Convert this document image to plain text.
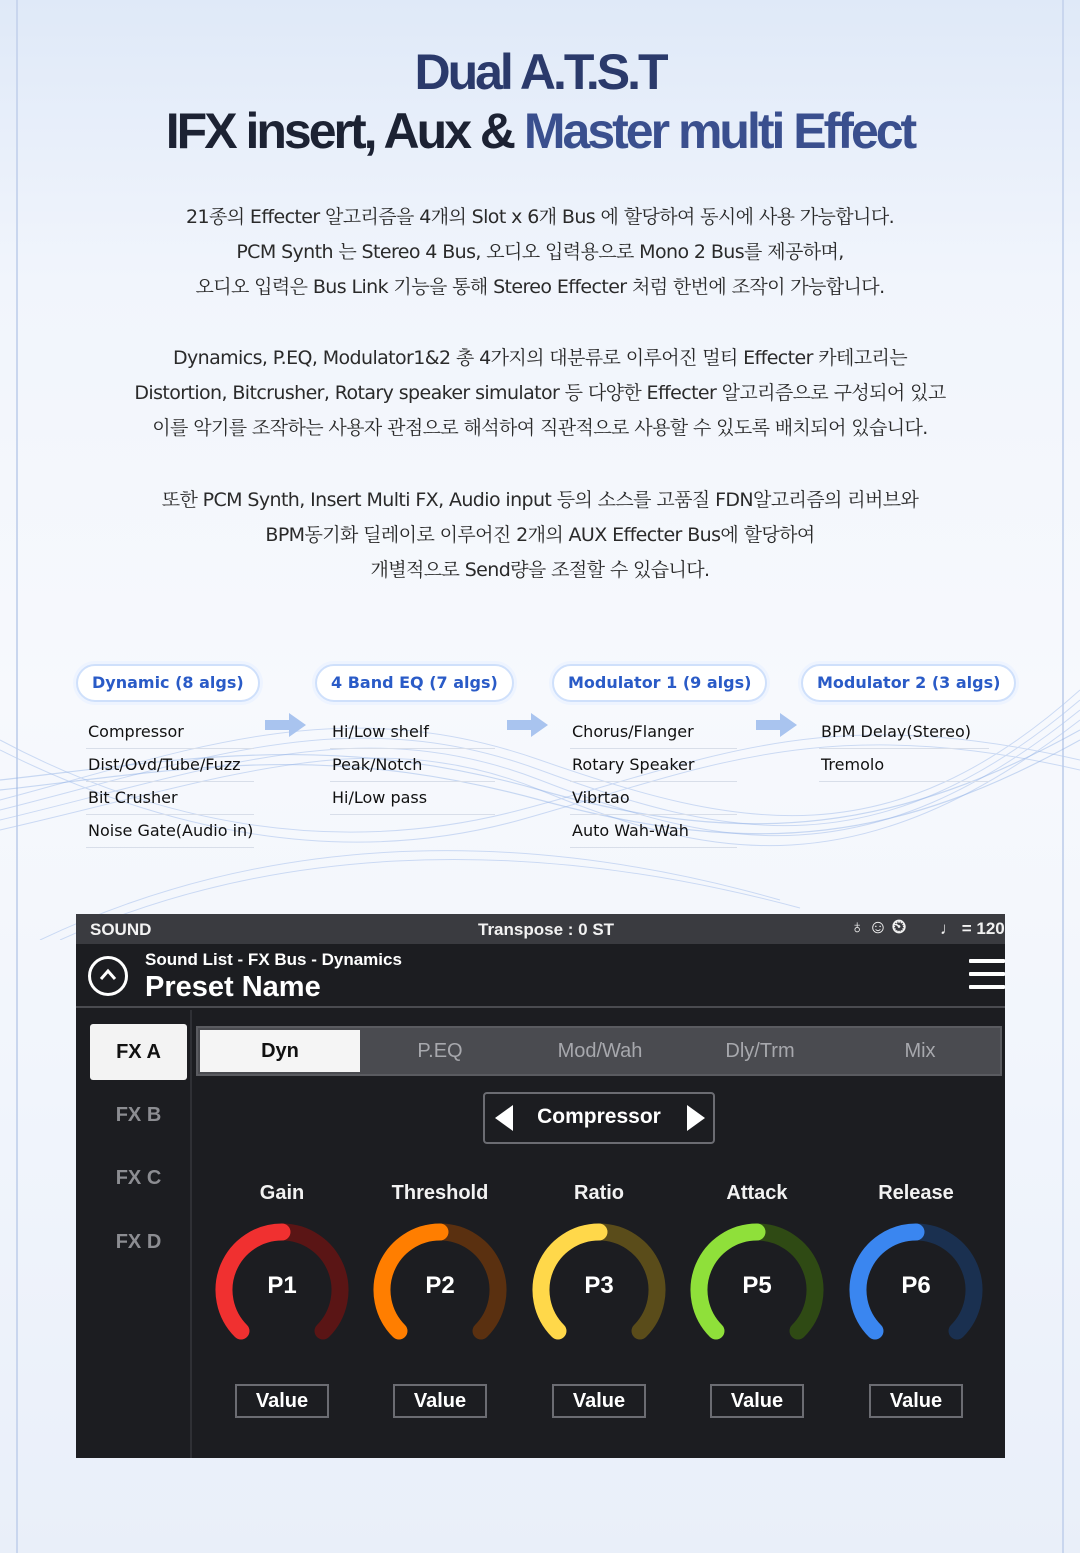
Dual A.T.S.T
IFX insert, Aux & Master multi Effect
21종의 Effecter 알고리즘을 4개의 Slot x 6개 Bus 에 할당하여 동시에 사용 가능합니다.
PCM Synth 는 Stereo 4 Bus, 오디오 입력용으로 Mono 2 Bus를 제공하며,
오디오 입력은 Bus Link 기능을 통해 Stereo Effecter 처럼 한번에 조작이 가능합니다.
Dynamics, P.EQ, Modulator1&2 총 4가지의 대분류로 이루어진 멀티 Effecter 카테고리는
Distortion, Bitcrusher, Rotary speaker simulator 등 다양한 Effecter 알고리즘으로 구성되어 있고
이를 악기를 조작하는 사용자 관점으로 해석하여 직관적으로 사용할 수 있도록 배치되어 있습니다.
또한 PCM Synth, Insert Multi FX, Audio input 등의 소스를 고품질 FDN알고리즘의 리버브와
BPM동기화 딜레이로 이루어진 2개의 AUX Effecter Bus에 할당하여
개별적으로 Send량을 조절할 수 있습니다.
Dynamic (8 algs)
Compressor
Dist/Ovd/Tube/Fuzz
Bit Crusher
Noise Gate(Audio in)
4 Band EQ (7 algs)
Hi/Low shelf
Peak/Notch
Hi/Low pass
Modulator 1 (9 algs)
Chorus/Flanger
Rotary Speaker
Vibrtao
Auto Wah-Wah
Modulator 2 (3 algs)
BPM Delay(Stereo)
Tremolo
SOUND	Transpose : 0 ST	♁☺⏲ ♩ = 120
Sound List - FX Bus - Dynamics
Preset Name
FX A
FX B
FX C
FX D
Dyn	P.EQ	Mod/Wah	Dly/Trm	Mix
Compressor
Gain
P1
Value
Threshold
P2
Value
Ratio
P3
Value
Attack
P5
Value
Release
P6
Value
